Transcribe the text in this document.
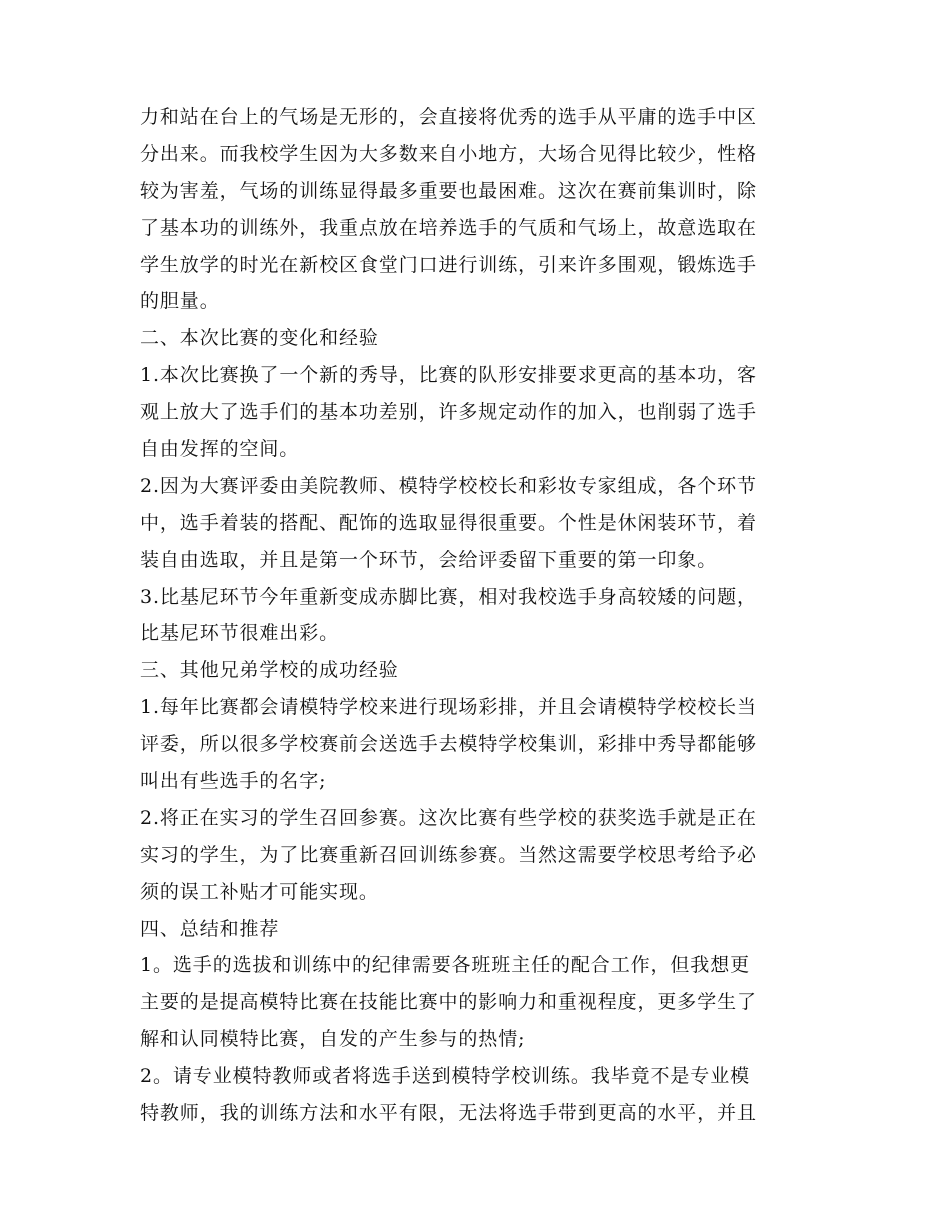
力和站在台上的气场是无形的，会直接将优秀的选手从平庸的选手中区
分出来。而我校学生因为大多数来自小地方，大场合见得比较少，性格
较为害羞，气场的训练显得最多重要也最困难。这次在赛前集训时，除
了基本功的训练外，我重点放在培养选手的气质和气场上，故意选取在
学生放学的时光在新校区食堂门口进行训练，引来许多围观，锻炼选手
的胆量。
二、本次比赛的变化和经验
1.本次比赛换了一个新的秀导，比赛的队形安排要求更高的基本功，客
观上放大了选手们的基本功差别，许多规定动作的加入，也削弱了选手
自由发挥的空间。
2.因为大赛评委由美院教师、模特学校校长和彩妆专家组成，各个环节
中，选手着装的搭配、配饰的选取显得很重要。个性是休闲装环节，着
装自由选取，并且是第一个环节，会给评委留下重要的第一印象。
3.比基尼环节今年重新变成赤脚比赛，相对我校选手身高较矮的问题，
比基尼环节很难出彩。
三、其他兄弟学校的成功经验
1.每年比赛都会请模特学校来进行现场彩排，并且会请模特学校校长当
评委，所以很多学校赛前会送选手去模特学校集训，彩排中秀导都能够
叫出有些选手的名字;
2.将正在实习的学生召回参赛。这次比赛有些学校的获奖选手就是正在
实习的学生，为了比赛重新召回训练参赛。当然这需要学校思考给予必
须的误工补贴才可能实现。
四、总结和推荐
1。选手的选拔和训练中的纪律需要各班班主任的配合工作，但我想更
主要的是提高模特比赛在技能比赛中的影响力和重视程度，更多学生了
解和认同模特比赛，自发的产生参与的热情;
2。请专业模特教师或者将选手送到模特学校训练。我毕竟不是专业模
特教师，我的训练方法和水平有限，无法将选手带到更高的水平，并且
